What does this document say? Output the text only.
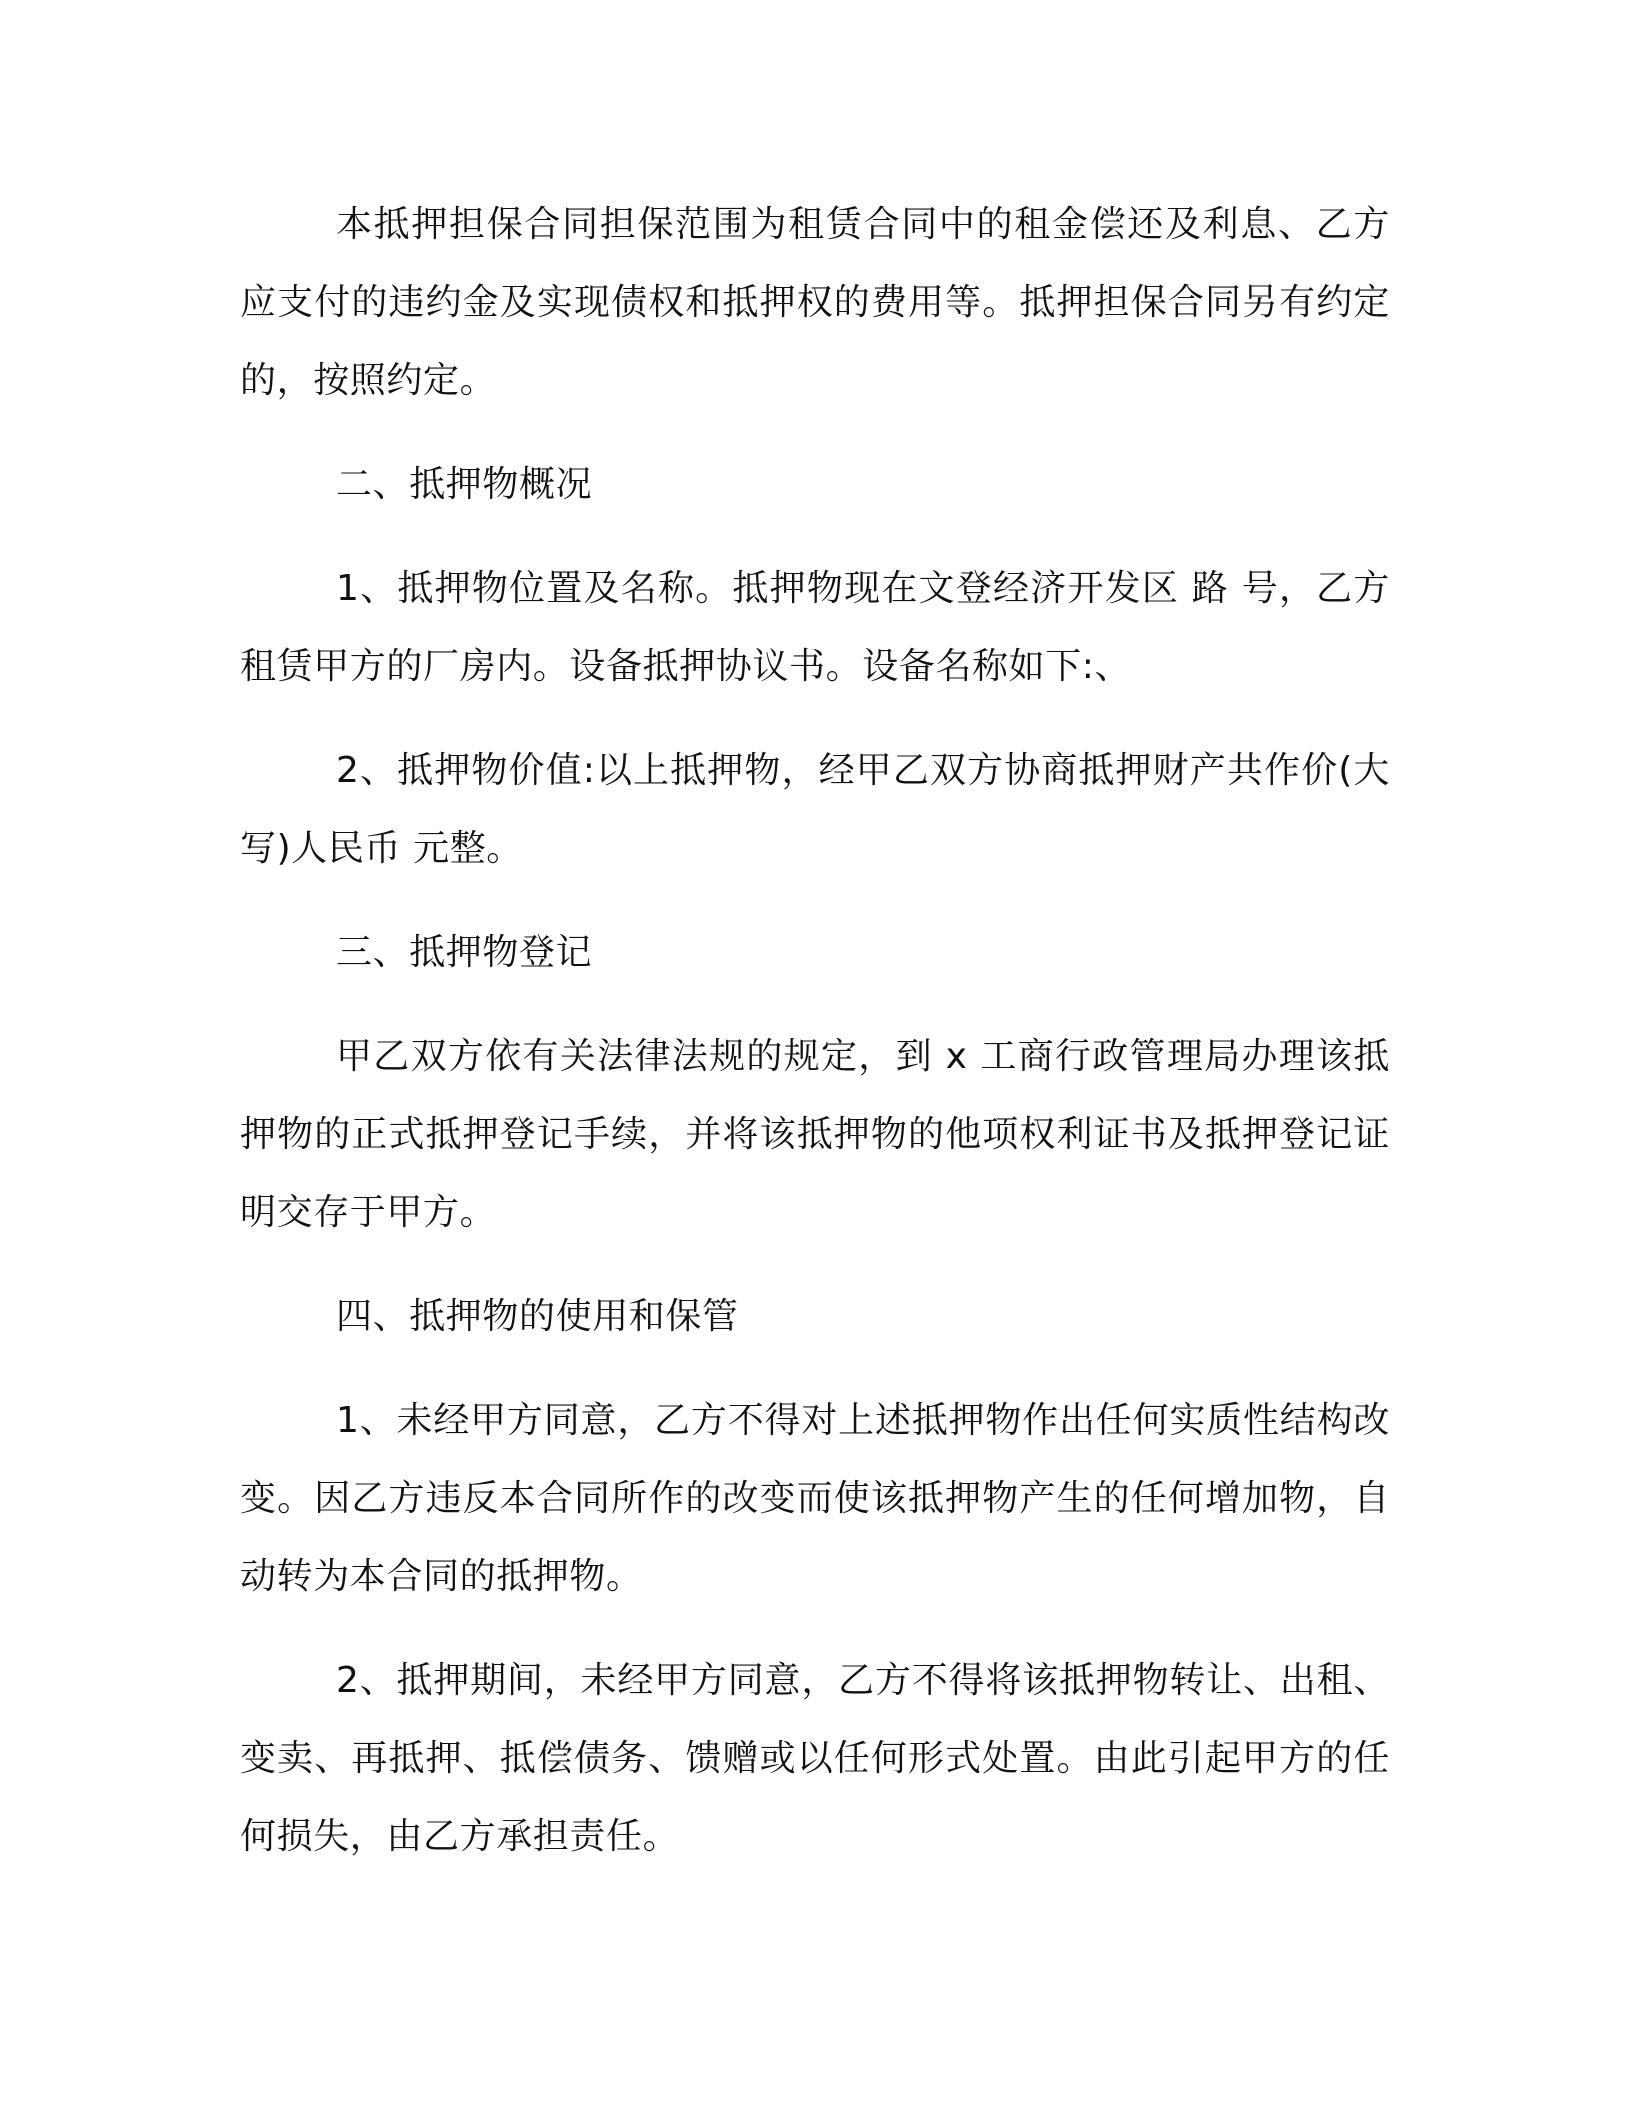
本抵押担保合同担保范围为租赁合同中的租金偿还及利息、乙方应支付的违约金及实现债权和抵押权的费用等。抵押担保合同另有约定的，按照约定。

二、抵押物概况

1、抵押物位置及名称。抵押物现在文登经济开发区 路 号，乙方租赁甲方的厂房内。设备抵押协议书。设备名称如下:、

2、抵押物价值:以上抵押物，经甲乙双方协商抵押财产共作价(大写)人民币 元整。

三、抵押物登记

甲乙双方依有关法律法规的规定，到 x 工商行政管理局办理该抵押物的正式抵押登记手续，并将该抵押物的他项权利证书及抵押登记证明交存于甲方。

四、抵押物的使用和保管

1、未经甲方同意，乙方不得对上述抵押物作出任何实质性结构改变。因乙方违反本合同所作的改变而使该抵押物产生的任何增加物，自动转为本合同的抵押物。

2、抵押期间，未经甲方同意，乙方不得将该抵押物转让、出租、变卖、再抵押、抵偿债务、馈赠或以任何形式处置。由此引起甲方的任何损失，由乙方承担责任。
